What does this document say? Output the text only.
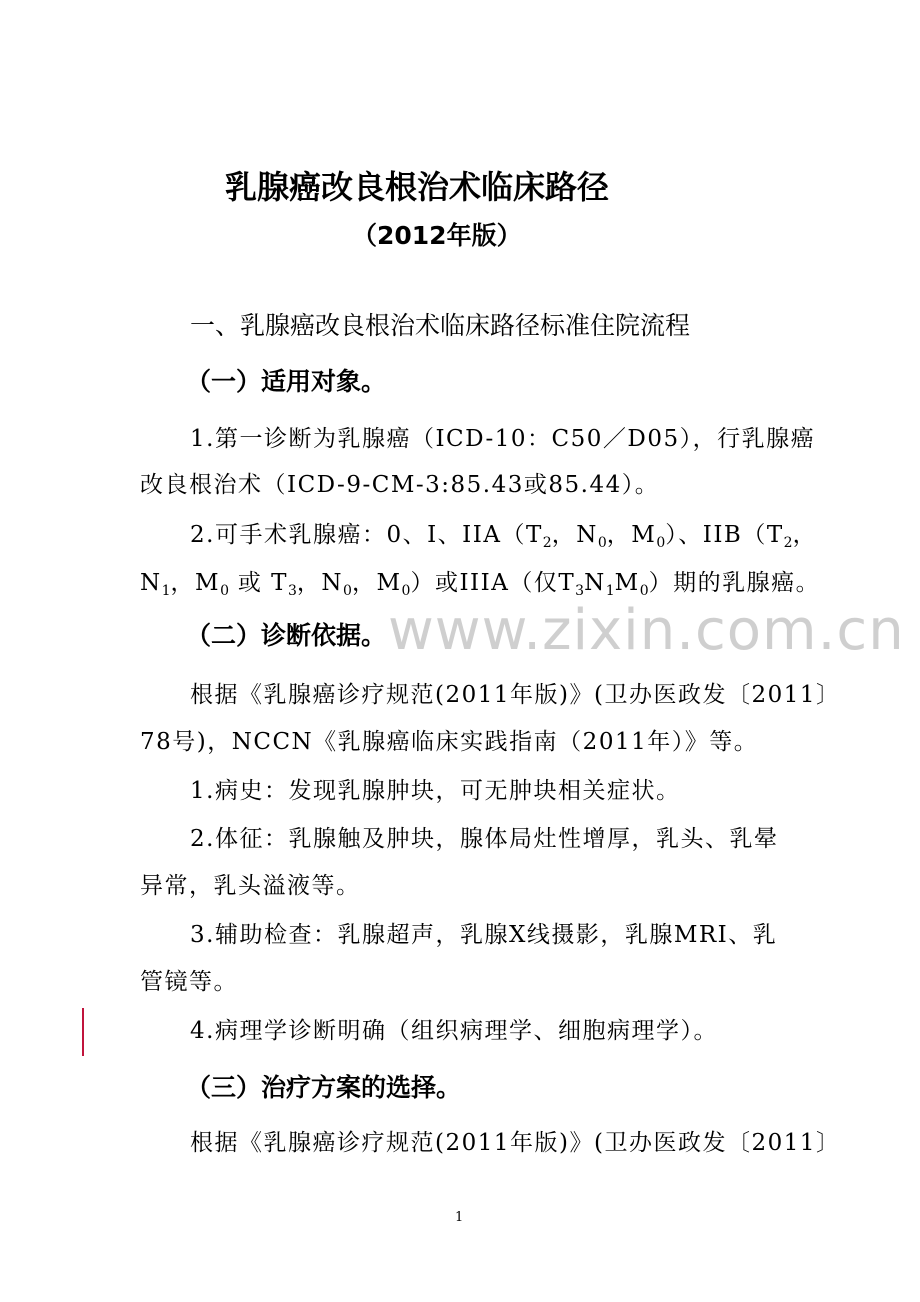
乳腺癌改良根治术临床路径
（2012年版）
一、乳腺癌改良根治术临床路径标准住院流程
（一）适用对象。
1.第一诊断为乳腺癌（ICD-10：C50／D05），行乳腺癌
改良根治术（ICD-9-CM-3:85.43或85.44）。
2.可手术乳腺癌：0、I、$IIA(T_2$，$N_0$，$M_0$）、$IIB(T_2$，
$N_1$，$M_0$ 或 $T_3$，$N_0$，$M_0$）或IIIA（仅$T_3N_1M_0$）期的乳腺癌。
（二）诊断依据。
根据《乳腺癌诊疗规范(2011年版)》(卫办医政发〔2011〕
78号)，NCCN《乳腺癌临床实践指南（2011年）》等。
1.病史：发现乳腺肿块，可无肿块相关症状。
2.体征：乳腺触及肿块，腺体局灶性增厚，乳头、乳晕
异常，乳头溢液等。
3.辅助检查：乳腺超声，乳腺X线摄影，乳腺MRI、乳
管镜等。
4.病理学诊断明确（组织病理学、细胞病理学）。
（三）治疗方案的选择。
根据《乳腺癌诊疗规范(2011年版)》(卫办医政发〔2011〕
www.zixin.com.cn
1
